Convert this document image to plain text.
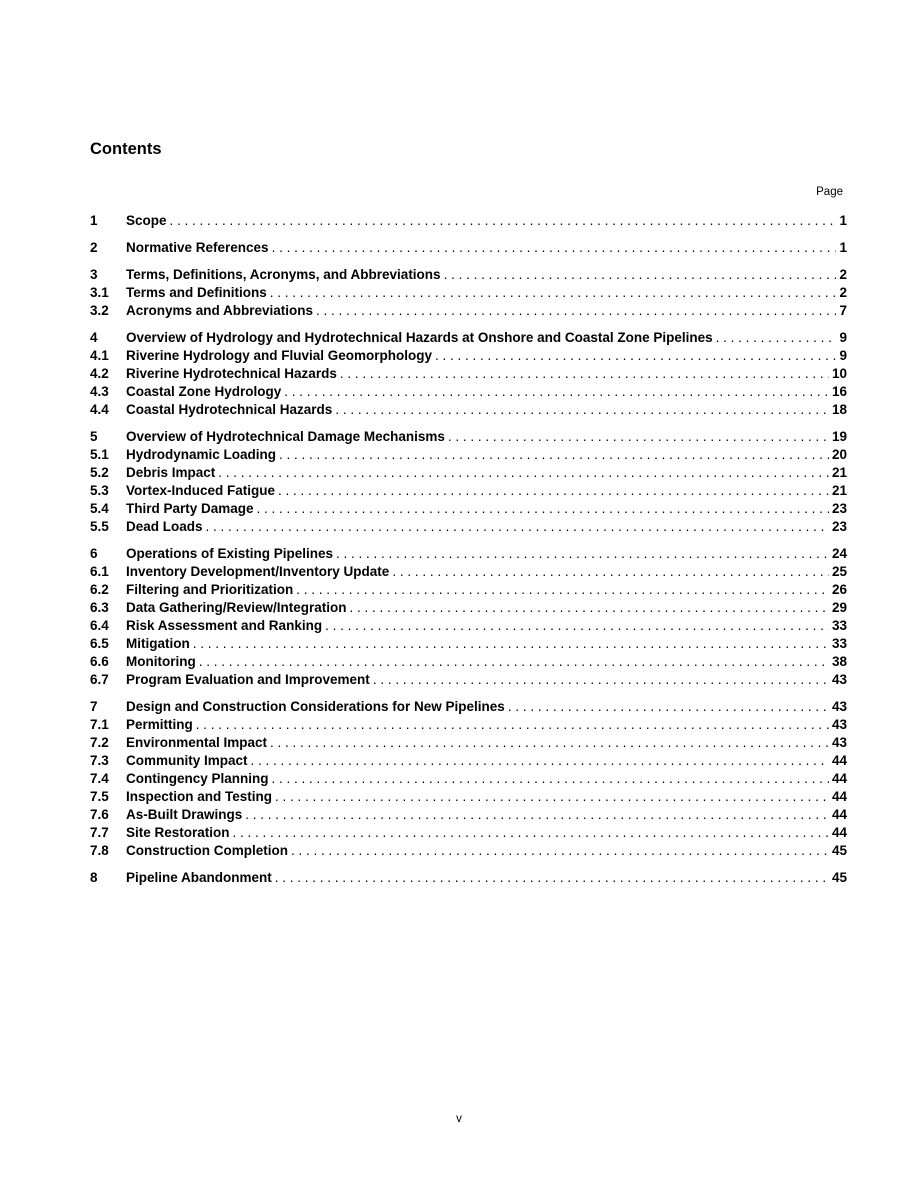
Contents
Page
1	Scope . . .	1
2	Normative References . . .	1
3	Terms, Definitions, Acronyms, and Abbreviations . . .	2
3.1	Terms and Definitions . . .	2
3.2	Acronyms and Abbreviations . . .	7
4	Overview of Hydrology and Hydrotechnical Hazards at Onshore and Coastal Zone Pipelines . . .	9
4.1	Riverine Hydrology and Fluvial Geomorphology . . .	9
4.2	Riverine Hydrotechnical Hazards . . .	10
4.3	Coastal Zone Hydrology . . .	16
4.4	Coastal Hydrotechnical Hazards . . .	18
5	Overview of Hydrotechnical Damage Mechanisms . . .	19
5.1	Hydrodynamic Loading . . .	20
5.2	Debris Impact . . .	21
5.3	Vortex-Induced Fatigue . . .	21
5.4	Third Party Damage . . .	23
5.5	Dead Loads . . .	23
6	Operations of Existing Pipelines . . .	24
6.1	Inventory Development/Inventory Update . . .	25
6.2	Filtering and Prioritization . . .	26
6.3	Data Gathering/Review/Integration . . .	29
6.4	Risk Assessment and Ranking . . .	33
6.5	Mitigation . . .	33
6.6	Monitoring . . .	38
6.7	Program Evaluation and Improvement . . .	43
7	Design and Construction Considerations for New Pipelines . . .	43
7.1	Permitting . . .	43
7.2	Environmental Impact . . .	43
7.3	Community Impact . . .	44
7.4	Contingency Planning . . .	44
7.5	Inspection and Testing . . .	44
7.6	As-Built Drawings . . .	44
7.7	Site Restoration . . .	44
7.8	Construction Completion . . .	45
8	Pipeline Abandonment . . .	45
v
